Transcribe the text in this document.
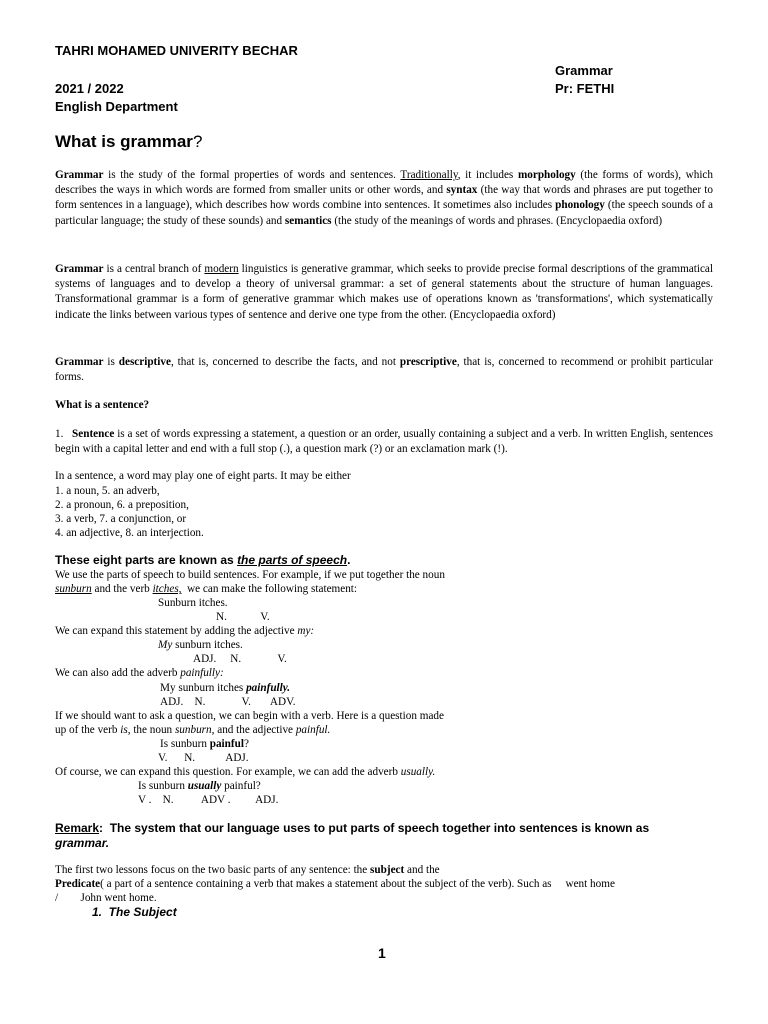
TAHRI MOHAMED UNIVERITY BECHAR
Grammar
2021 / 2022	Pr: FETHI
English Department
What is grammar?

Grammar is the study of the formal properties of words and sentences. Traditionally, it includes morphology (the forms of words), which describes the ways in which words are formed from smaller units or other words, and syntax (the way that words and phrases are put together to form sentences in a language), which describes how words combine into sentences. It sometimes also includes phonology (the speech sounds of a particular language; the study of these sounds) and semantics (the study of the meanings of words and phrases. (Encyclopaedia oxford)

Grammar is a central branch of modern linguistics is generative grammar, which seeks to provide precise formal descriptions of the grammatical systems of languages and to develop a theory of universal grammar: a set of general statements about the structure of human languages. Transformational grammar is a form of generative grammar which makes use of operations known as 'transformations', which systematically indicate the links between various types of sentence and derive one type from the other. (Encyclopaedia oxford)

Grammar is descriptive, that is, concerned to describe the facts, and not prescriptive, that is, concerned to recommend or prohibit particular forms.

What is a sentence?

1.   Sentence is a set of words expressing a statement, a question or an order, usually containing a subject and a verb. In written English, sentences begin with a capital letter and end with a full stop (.), a question mark (?) or an exclamation mark (!).

In a sentence, a word may play one of eight parts. It may be either
1. a noun, 5. an adverb,
2. a pronoun, 6. a preposition,
3. a verb, 7. a conjunction, or
4. an adjective, 8. an interjection.
These eight parts are known as the parts of speech.
We use the parts of speech to build sentences. For example, if we put together the noun
sunburn and the verb itches,  we can make the following statement:
Sunburn itches.
N.            V.
We can expand this statement by adding the adjective my:
My sunburn itches.
ADJ.     N.             V.
We can also add the adverb painfully:
My sunburn itches painfully.
ADJ.    N.             V.       ADV.
If we should want to ask a question, we can begin with a verb. Here is a question made
up of the verb is, the noun sunburn, and the adjective painful.
Is sunburn painful?
V.      N.           ADJ.
Of course, we can expand this question. For example, we can add the adverb usually.
Is sunburn usually painful?
V .    N.          ADV .         ADJ.
Remark:  The system that our language uses to put parts of speech together into sentences is known as
grammar.
The first two lessons focus on the two basic parts of any sentence: the subject and the
Predicate( a part of a sentence containing a verb that makes a statement about the subject of the verb). Such as     went home
/        John went home.
1.  The Subject
1
